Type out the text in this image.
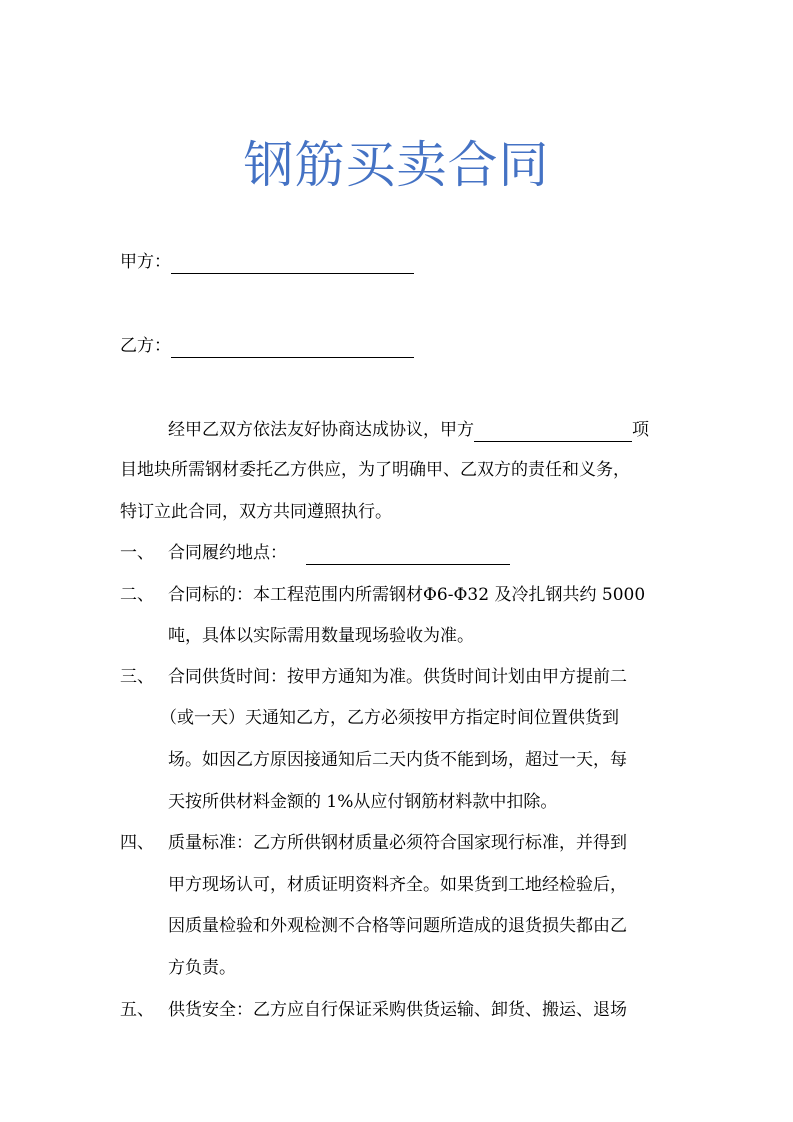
钢筋买卖合同
甲方：
乙方：
经甲乙双方依法友好协商达成协议，甲方	项
目地块所需钢材委托乙方供应，为了明确甲、乙双方的责任和义务，
特订立此合同，双方共同遵照执行。
一、 合同履约地点：
二、 合同标的：本工程范围内所需钢材Φ6-Φ32 及冷扎钢共约 5000
吨，具体以实际需用数量现场验收为准。
三、 合同供货时间：按甲方通知为准。供货时间计划由甲方提前二
（或一天）天通知乙方，乙方必须按甲方指定时间位置供货到
场。如因乙方原因接通知后二天内货不能到场，超过一天，每
天按所供材料金额的 1%从应付钢筋材料款中扣除。
四、 质量标准：乙方所供钢材质量必须符合国家现行标准，并得到
甲方现场认可，材质证明资料齐全。如果货到工地经检验后，
因质量检验和外观检测不合格等问题所造成的退货损失都由乙
方负责。
五、 供货安全：乙方应自行保证采购供货运输、卸货、搬运、退场
